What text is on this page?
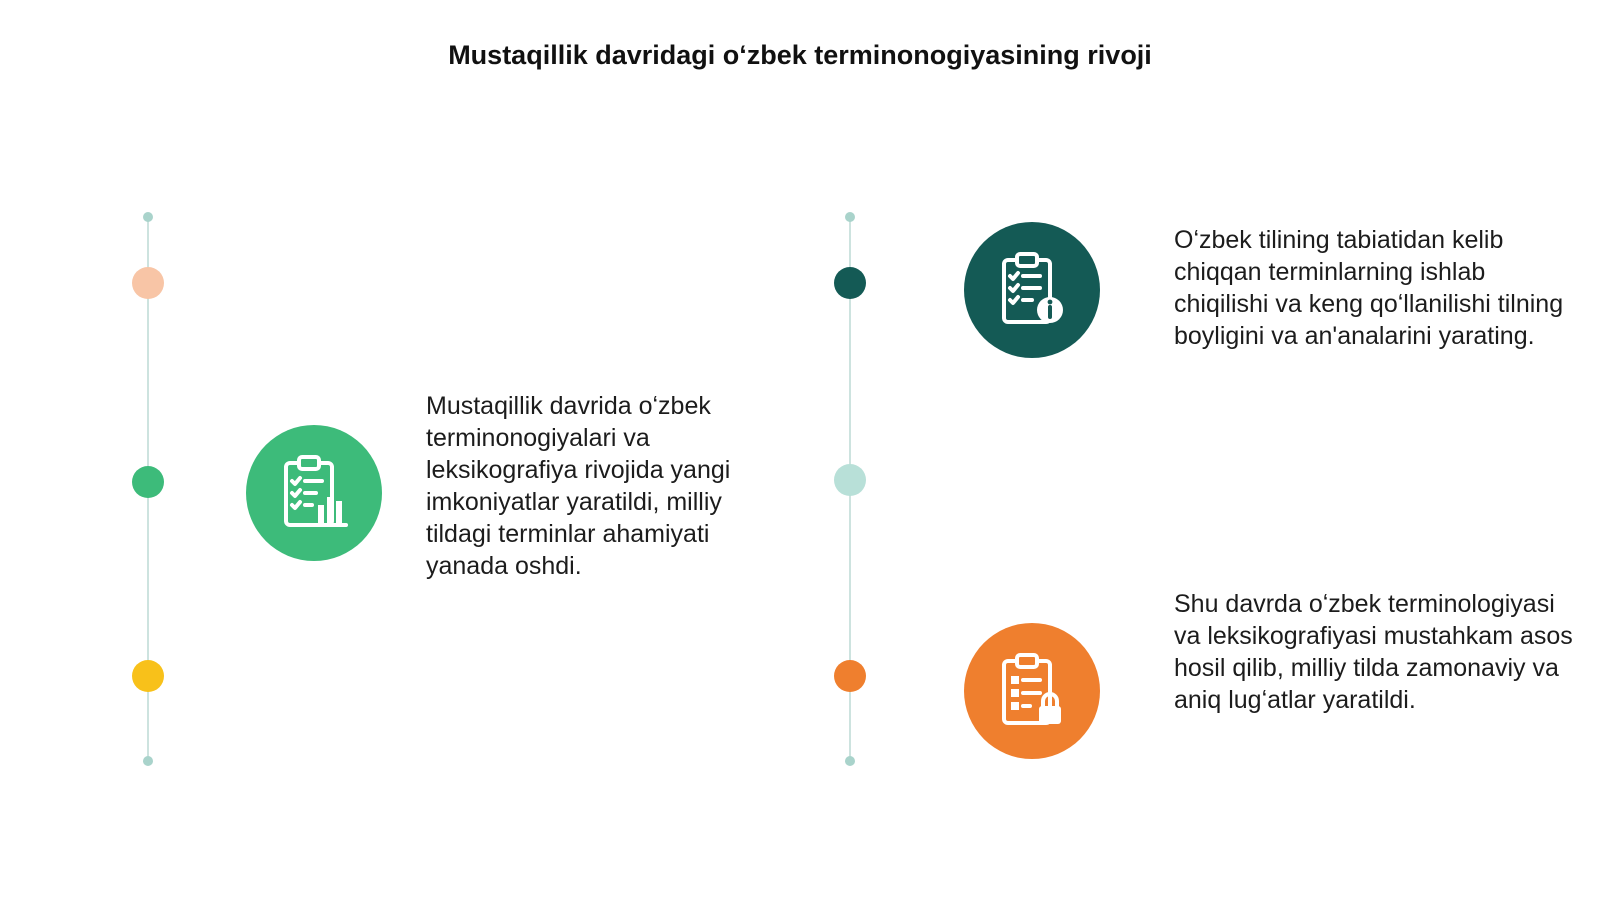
Mustaqillik davridagi oʻzbek terminonogiyasining rivoji

Mustaqillik davrida oʻzbek terminonogiyalari va leksikografiya rivojida yangi imkoniyatlar yaratildi, milliy tildagi terminlar ahamiyati yanada oshdi.

Oʻzbek tilining tabiatidan kelib chiqqan terminlarning ishlab chiqilishi va keng qoʻllanilishi tilning boyligini va an'analarini yarating.

Shu davrda oʻzbek terminologiyasi va leksikografiyasi mustahkam asos hosil qilib, milliy tilda zamonaviy va aniq lugʻatlar yaratildi.
